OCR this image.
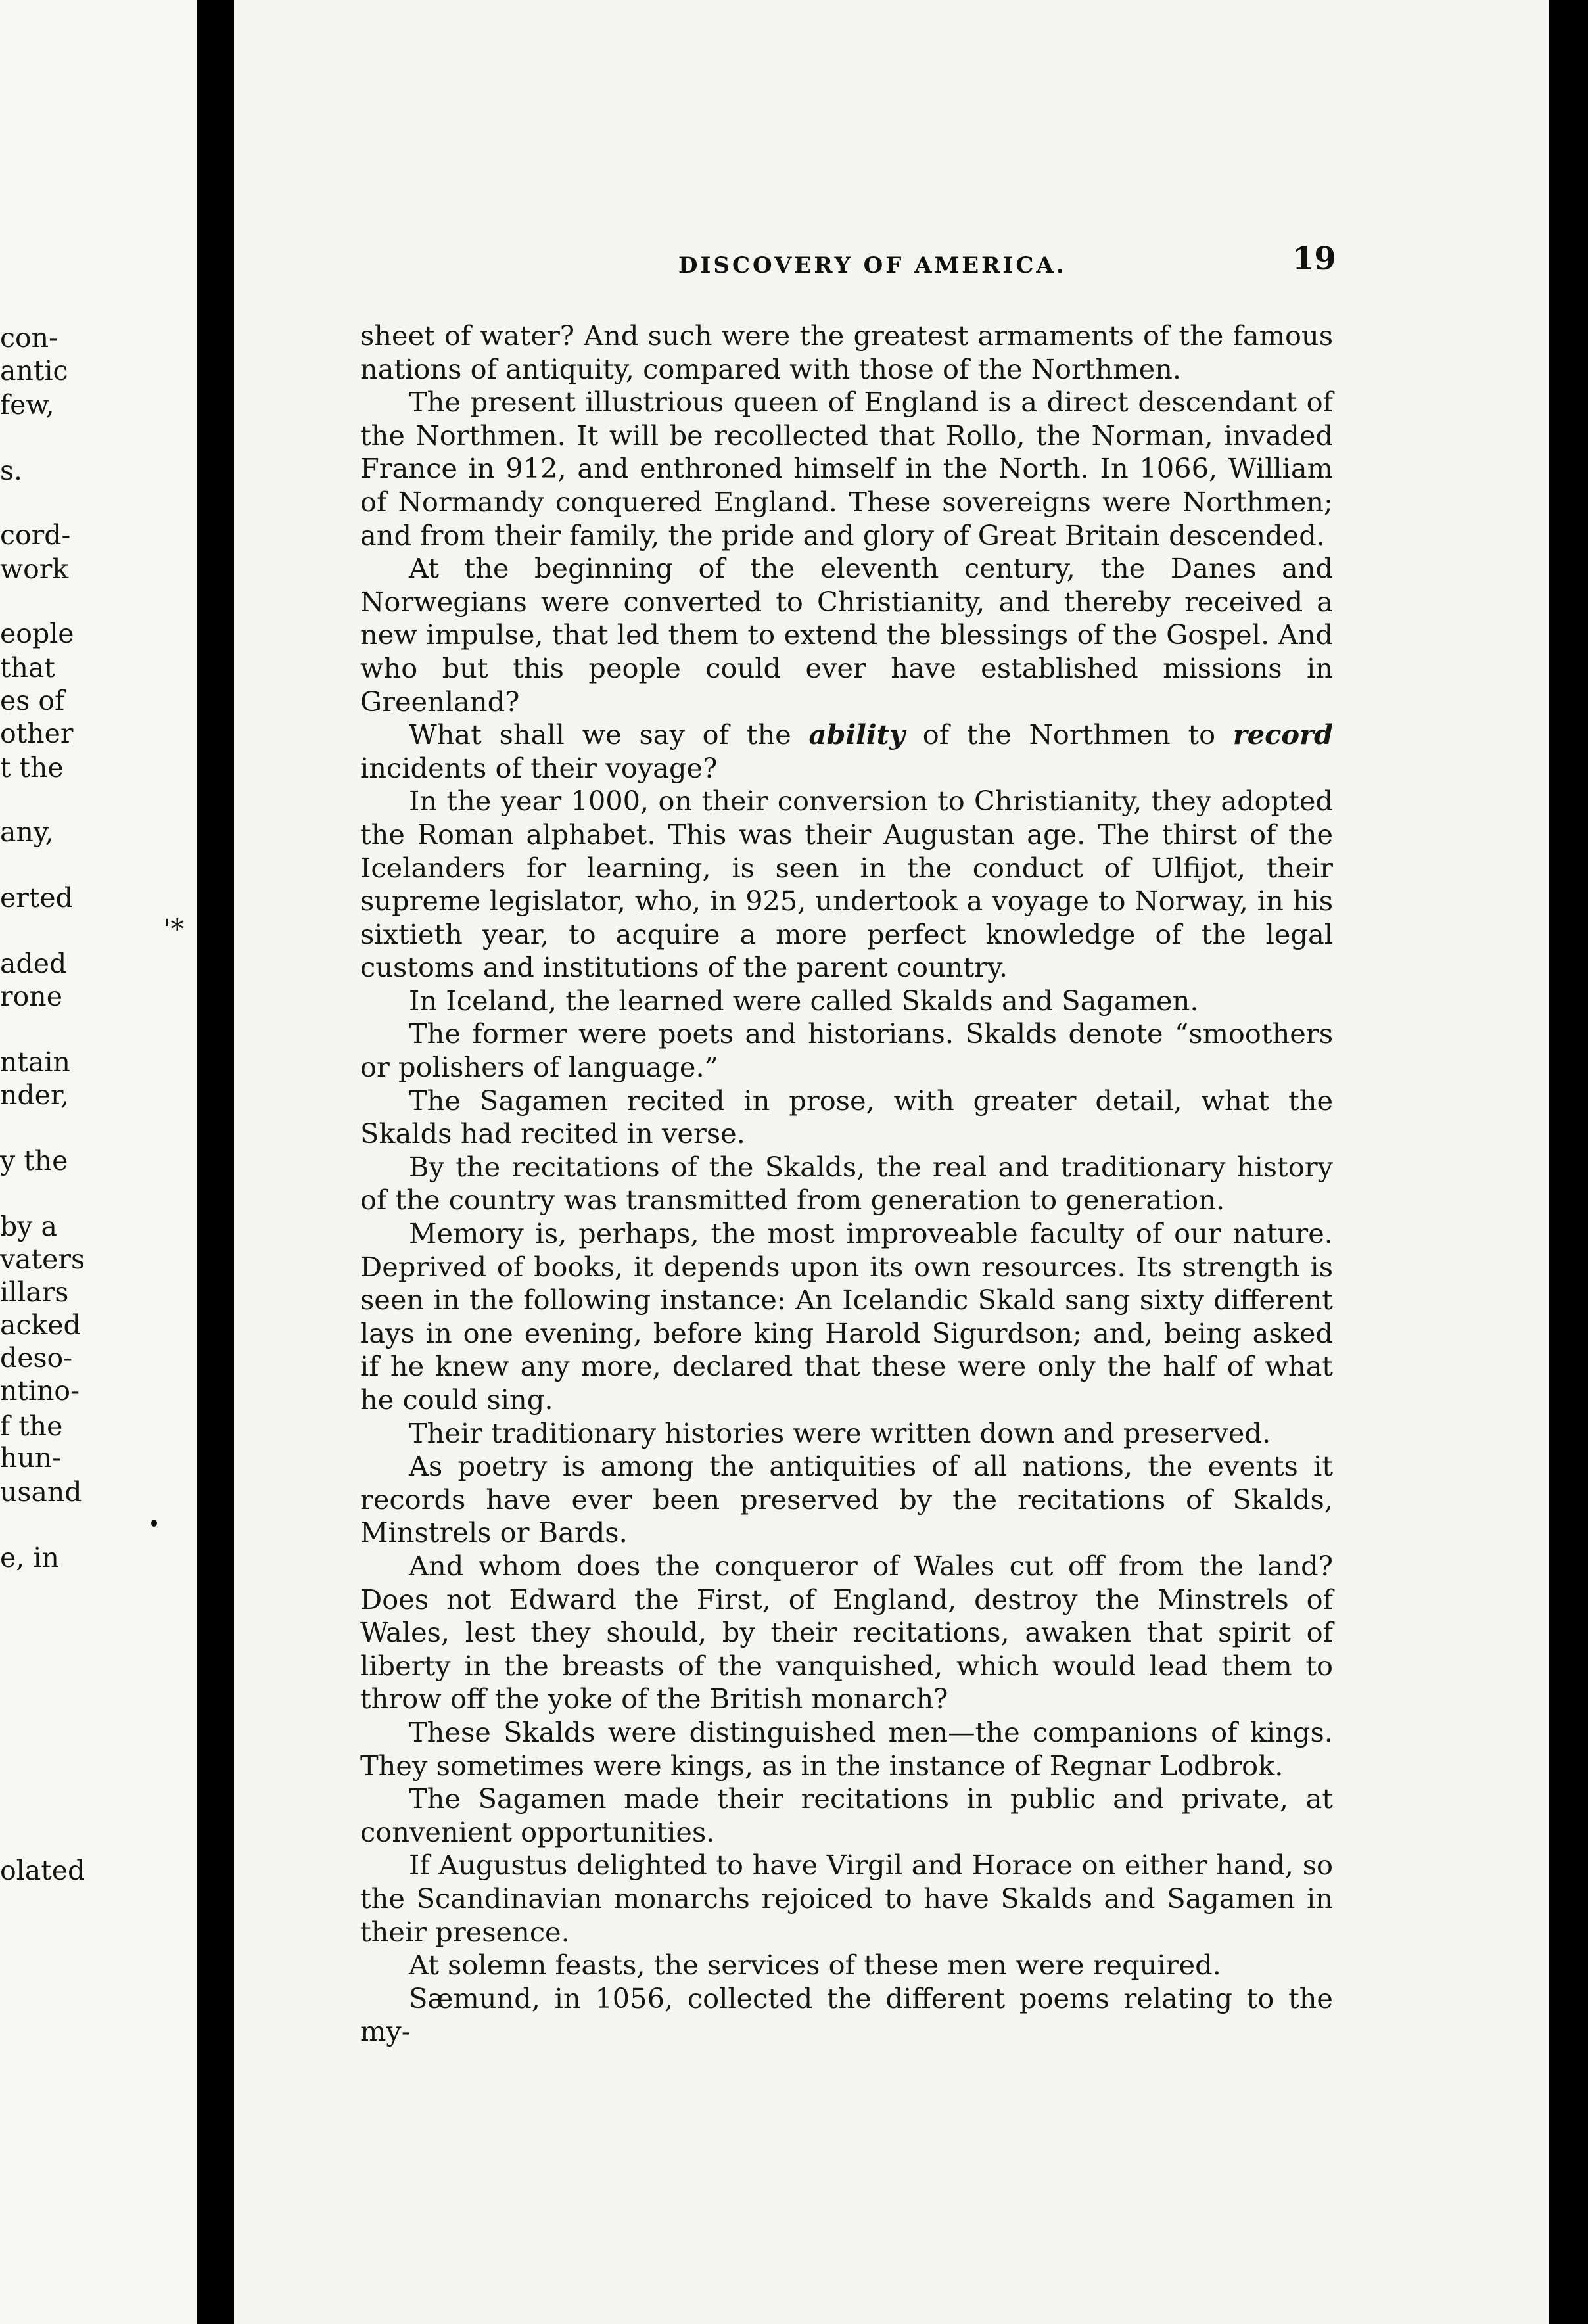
con-
antic
few,
s.
cord-
work
eople
that
es of
other
t the
any,
erted
'*
aded
rone
ntain
nder,
y the
by a
vaters
illars
acked
deso-
ntino-
f the
hun-
usand
e, in
olated
DISCOVERY OF AMERICA.	19

sheet of water? And such were the greatest armaments of the famous nations of antiquity, compared with those of the Northmen.

The present illustrious queen of England is a direct descendant of the Northmen. It will be recollected that Rollo, the Norman, invaded France in 912, and enthroned himself in the North. In 1066, William of Normandy conquered England. These sovereigns were Northmen; and from their family, the pride and glory of Great Britain descended.

At the beginning of the eleventh century, the Danes and Norwegians were converted to Christianity, and thereby received a new impulse, that led them to extend the blessings of the Gospel. And who but this people could ever have established missions in Greenland?

What shall we say of the ability of the Northmen to record incidents of their voyage?

In the year 1000, on their conversion to Christianity, they adopted the Roman alphabet. This was their Augustan age. The thirst of the Icelanders for learning, is seen in the conduct of Ulfijot, their supreme legislator, who, in 925, undertook a voyage to Norway, in his sixtieth year, to acquire a more perfect knowledge of the legal customs and institutions of the parent country.

In Iceland, the learned were called Skalds and Sagamen.

The former were poets and historians. Skalds denote “smoothers or polishers of language.”

The Sagamen recited in prose, with greater detail, what the Skalds had recited in verse.

By the recitations of the Skalds, the real and traditionary history of the country was transmitted from generation to generation.

Memory is, perhaps, the most improveable faculty of our nature. Deprived of books, it depends upon its own resources. Its strength is seen in the following instance: An Icelandic Skald sang sixty different lays in one evening, before king Harold Sigurdson; and, being asked if he knew any more, declared that these were only the half of what he could sing.

Their traditionary histories were written down and preserved.

As poetry is among the antiquities of all nations, the events it records have ever been preserved by the recitations of Skalds, Minstrels or Bards.

And whom does the conqueror of Wales cut off from the land? Does not Edward the First, of England, destroy the Minstrels of Wales, lest they should, by their recitations, awaken that spirit of liberty in the breasts of the vanquished, which would lead them to throw off the yoke of the British monarch?

These Skalds were distinguished men—the companions of kings. They sometimes were kings, as in the instance of Regnar Lodbrok.

The Sagamen made their recitations in public and private, at convenient opportunities.

If Augustus delighted to have Virgil and Horace on either hand, so the Scandinavian monarchs rejoiced to have Skalds and Sagamen in their presence.

At solemn feasts, the services of these men were required.

Sæmund, in 1056, collected the different poems relating to the my-
